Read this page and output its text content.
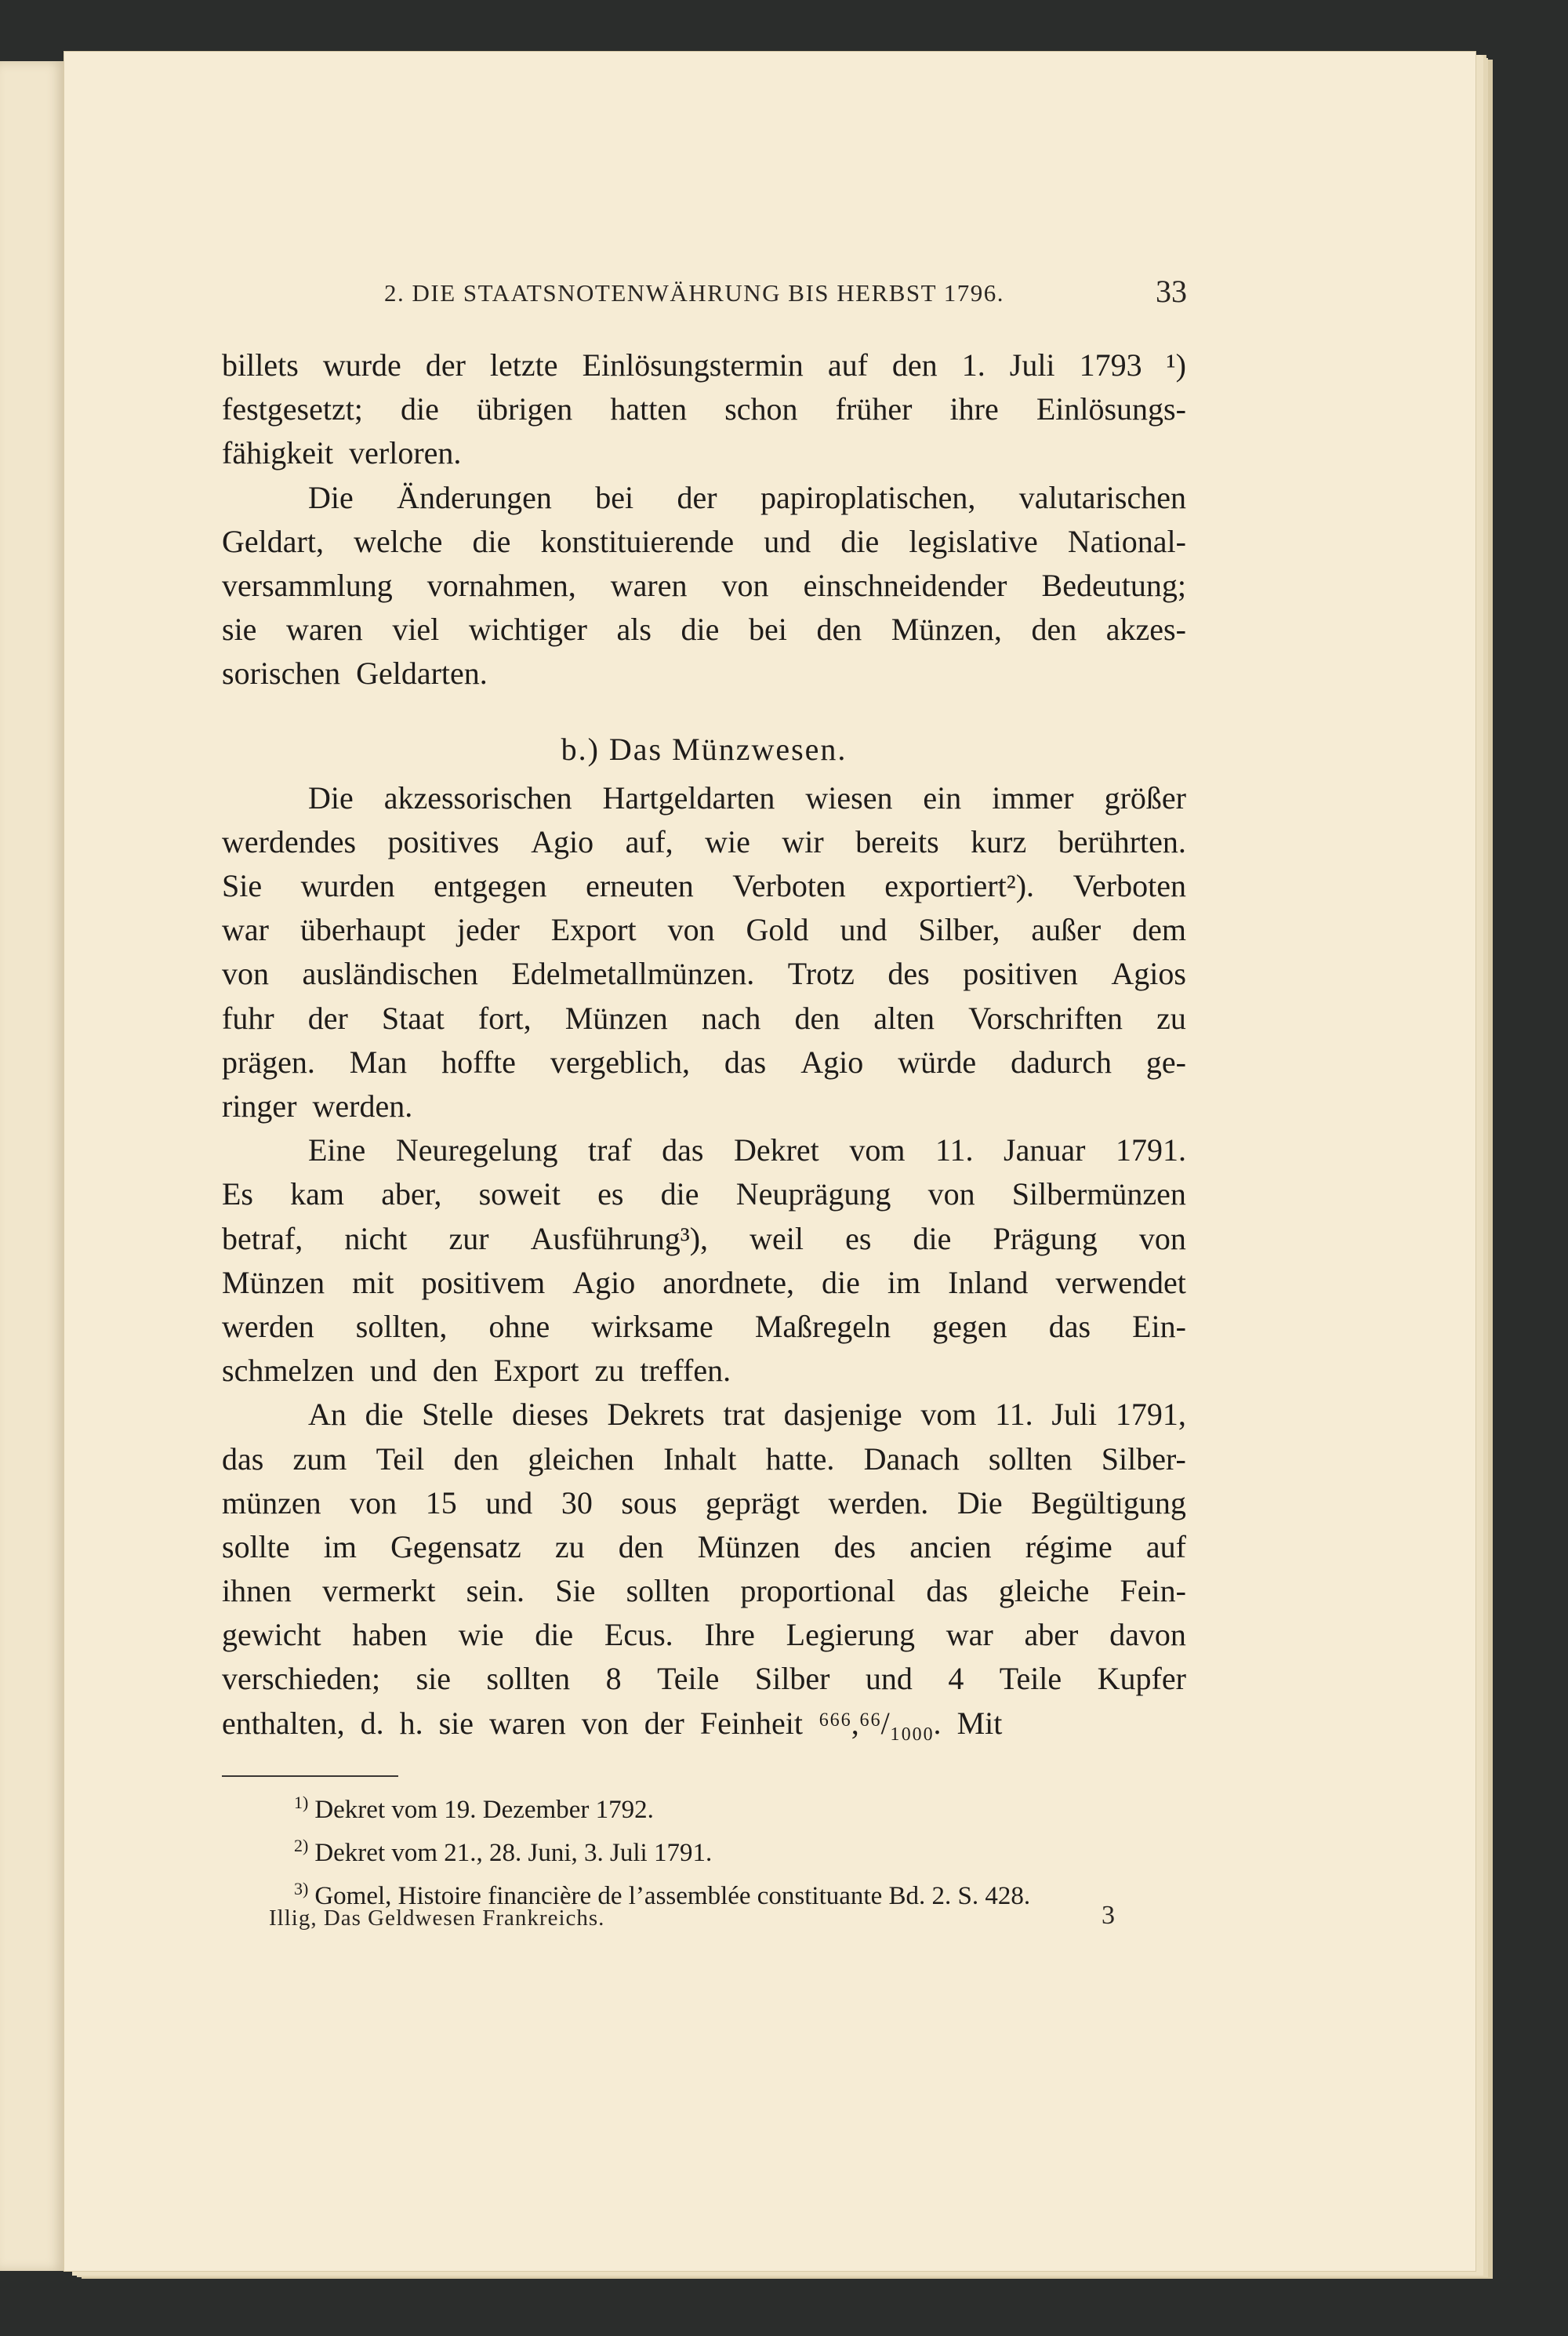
2. DIE STAATSNOTENWÄHRUNG BIS HERBST 1796.	33
billets wurde der letzte Einlösungstermin auf den 1. Juli 1793 ¹)
festgesetzt; die übrigen hatten schon früher ihre Einlösungs-
fähigkeit verloren.
Die Änderungen bei der papiroplatischen, valutarischen
Geldart, welche die konstituierende und die legislative National-
versammlung vornahmen, waren von einschneidender Bedeutung;
sie waren viel wichtiger als die bei den Münzen, den akzes-
sorischen Geldarten.
b.) Das Münzwesen.
Die akzessorischen Hartgeldarten wiesen ein immer größer
werdendes positives Agio auf, wie wir bereits kurz berührten.
Sie wurden entgegen erneuten Verboten exportiert²). Verboten
war überhaupt jeder Export von Gold und Silber, außer dem
von ausländischen Edelmetallmünzen. Trotz des positiven Agios
fuhr der Staat fort, Münzen nach den alten Vorschriften zu
prägen. Man hoffte vergeblich, das Agio würde dadurch ge-
ringer werden.
Eine Neuregelung traf das Dekret vom 11. Januar 1791.
Es kam aber, soweit es die Neuprägung von Silbermünzen
betraf, nicht zur Ausführung³), weil es die Prägung von
Münzen mit positivem Agio anordnete, die im Inland verwendet
werden sollten, ohne wirksame Maßregeln gegen das Ein-
schmelzen und den Export zu treffen.
An die Stelle dieses Dekrets trat dasjenige vom 11. Juli 1791,
das zum Teil den gleichen Inhalt hatte. Danach sollten Silber-
münzen von 15 und 30 sous geprägt werden. Die Begültigung
sollte im Gegensatz zu den Münzen des ancien régime auf
ihnen vermerkt sein. Sie sollten proportional das gleiche Fein-
gewicht haben wie die Ecus. Ihre Legierung war aber davon
verschieden; sie sollten 8 Teile Silber und 4 Teile Kupfer
enthalten, d. h. sie waren von der Feinheit ⁶⁶⁶,⁶⁶/₁₀₀₀. Mit
$^{1)}$ Dekret vom 19. Dezember 1792.
$^{2)}$ Dekret vom 21., 28. Juni, 3. Juli 1791.
$^{3)}$ Gomel, Histoire financière de l’assemblée constituante Bd. 2. S. 428.
Illig, Das Geldwesen Frankreichs.	3
